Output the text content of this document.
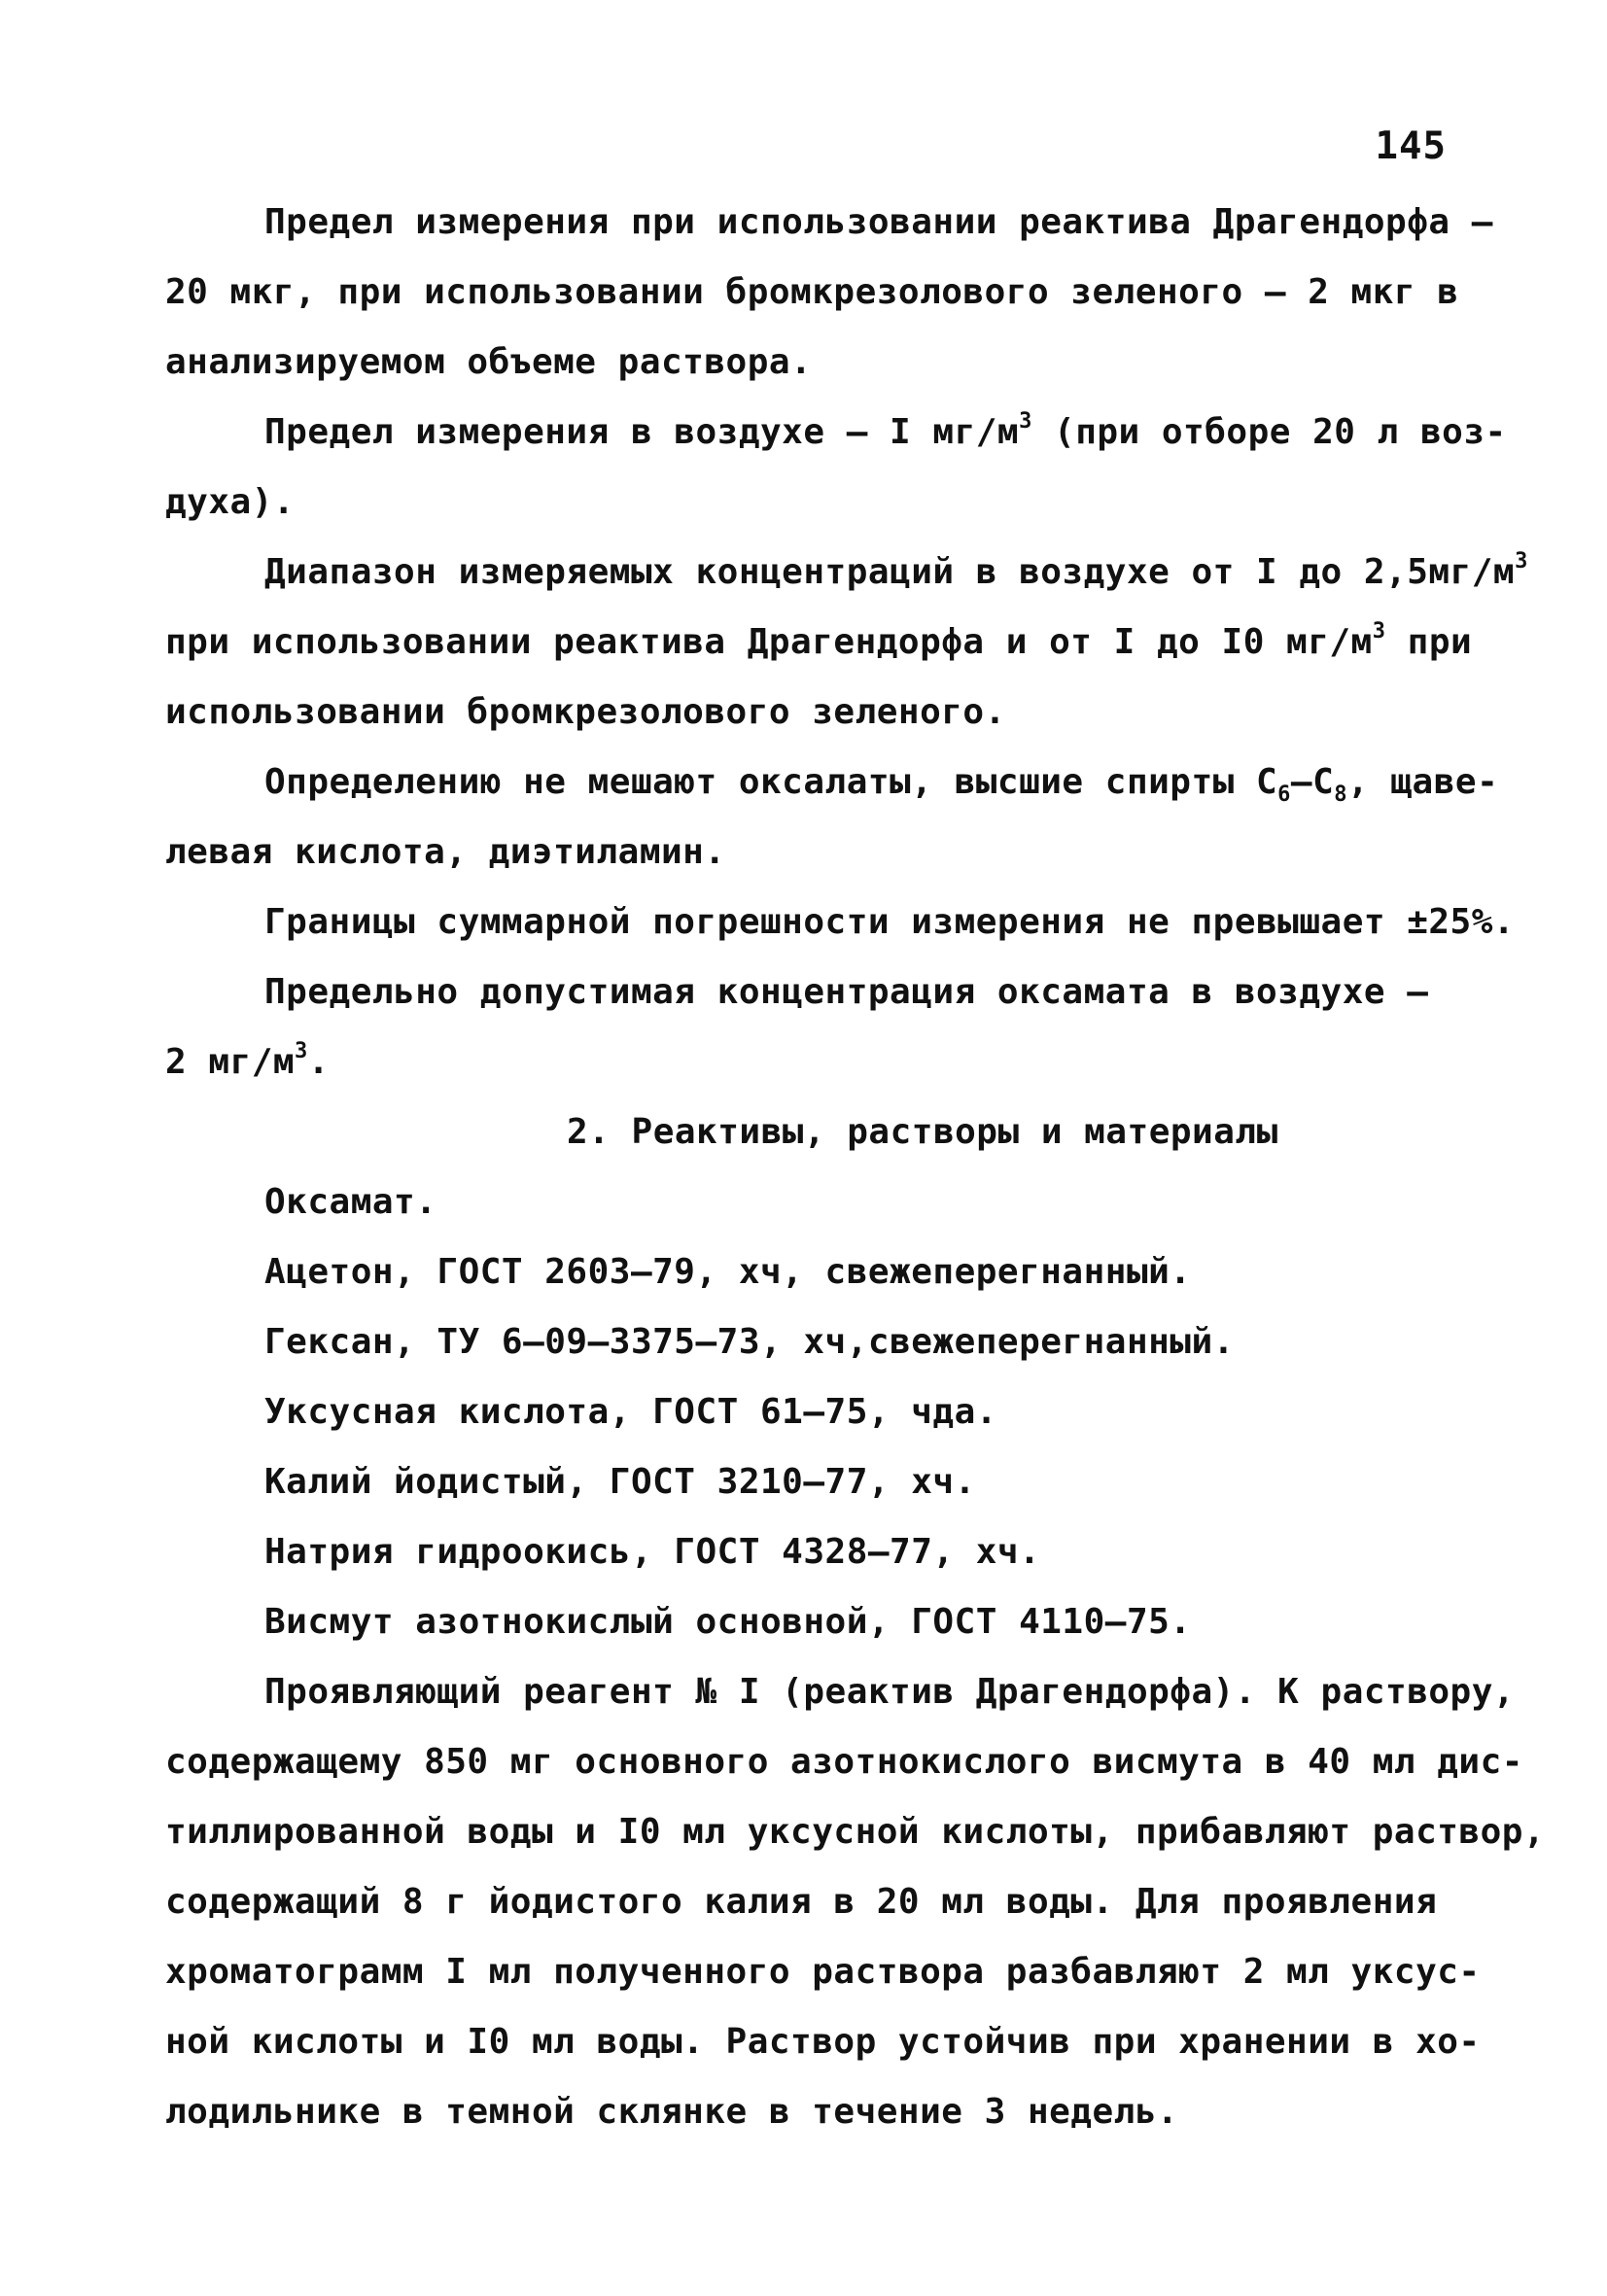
145
Предел измерения при использовании реактива Драгендорфа –
20 мкг, при использовании бромкрезолового зеленого – 2 мкг в
анализируемом объеме раствора.
Предел измерения в воздухе – I $мг/м^3$ (при отборе 20 л воз-
духа).
Диапазон измеряемых концентраций в воздухе от I до $2,5мг/м^3$
при использовании реактива Драгендорфа и от I до I0 $мг/м^3$ при
использовании бромкрезолового зеленого.
Определению не мешают оксалаты, высшие спирты $C_6-C_8$, щаве-
левая кислота, диэтиламин.
Границы суммарной погрешности измерения не превышает ±25%.
Предельно допустимая концентрация оксамата в воздухе –
2 $мг/м^3$.
2. Реактивы, растворы и материалы
Оксамат.
Ацетон, ГОСТ 2603–79, хч, свежеперегнанный.
Гексан, ТУ 6–09–3375–73, хч,свежеперегнанный.
Уксусная кислота, ГОСТ 61–75, чда.
Калий йодистый, ГОСТ 3210–77, хч.
Натрия гидроокись, ГОСТ 4328–77, хч.
Висмут азотнокислый основной, ГОСТ 4110–75.
Проявляющий реагент № I (реактив Драгендорфа). К раствору,
содержащему 850 мг основного азотнокислого висмута в 40 мл дис-
тиллированной воды и I0 мл уксусной кислоты, прибавляют раствор,
содержащий 8 г йодистого калия в 20 мл воды. Для проявления
хроматограмм I мл полученного раствора разбавляют 2 мл уксус-
ной кислоты и I0 мл воды. Раствор устойчив при хранении в хо-
лодильнике в темной склянке в течение 3 недель.
